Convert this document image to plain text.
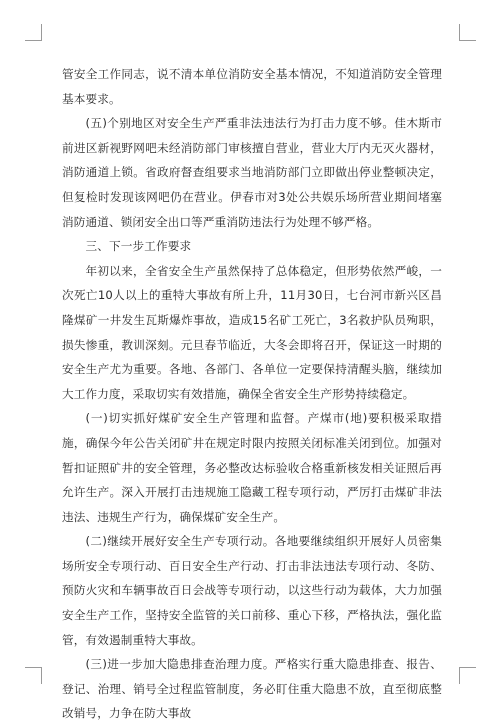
管安全工作同志，说不清本单位消防安全基本情况，不知道消防安全管理基本要求。

(五)个别地区对安全生产严重非法违法行为打击力度不够。佳木斯市前进区新视野网吧未经消防部门审核擅自营业，营业大厅内无灭火器材，消防通道上锁。省政府督查组要求当地消防部门立即做出停业整顿决定，但复检时发现该网吧仍在营业。伊春市对3处公共娱乐场所营业期间堵塞消防通道、锁闭安全出口等严重消防违法行为处理不够严格。

三、下一步工作要求

年初以来，全省安全生产虽然保持了总体稳定，但形势依然严峻，一次死亡10人以上的重特大事故有所上升，11月30日，七台河市新兴区昌隆煤矿一井发生瓦斯爆炸事故，造成15名矿工死亡，3名救护队员殉职，损失惨重，教训深刻。元旦春节临近，大冬会即将召开，保证这一时期的安全生产尤为重要。各地、各部门、各单位一定要保持清醒头脑，继续加大工作力度，采取切实有效措施，确保全省安全生产形势持续稳定。

(一)切实抓好煤矿安全生产管理和监督。产煤市(地)要积极采取措施，确保今年公告关闭矿井在规定时限内按照关闭标准关闭到位。加强对暂扣证照矿井的安全管理，务必整改达标验收合格重新核发相关证照后再允许生产。深入开展打击违规施工隐藏工程专项行动，严厉打击煤矿非法违法、违规生产行为，确保煤矿安全生产。

(二)继续开展好安全生产专项行动。各地要继续组织开展好人员密集场所安全专项行动、百日安全生产行动、打击非法违法专项行动、冬防、预防火灾和车辆事故百日会战等专项行动，以这些行动为载体，大力加强安全生产工作，坚持安全监管的关口前移、重心下移，严格执法，强化监管，有效遏制重特大事故。

(三)进一步加大隐患排查治理力度。严格实行重大隐患排查、报告、登记、治理、销号全过程监管制度，务必盯住重大隐患不放，直至彻底整改销号，力争在防大事故
